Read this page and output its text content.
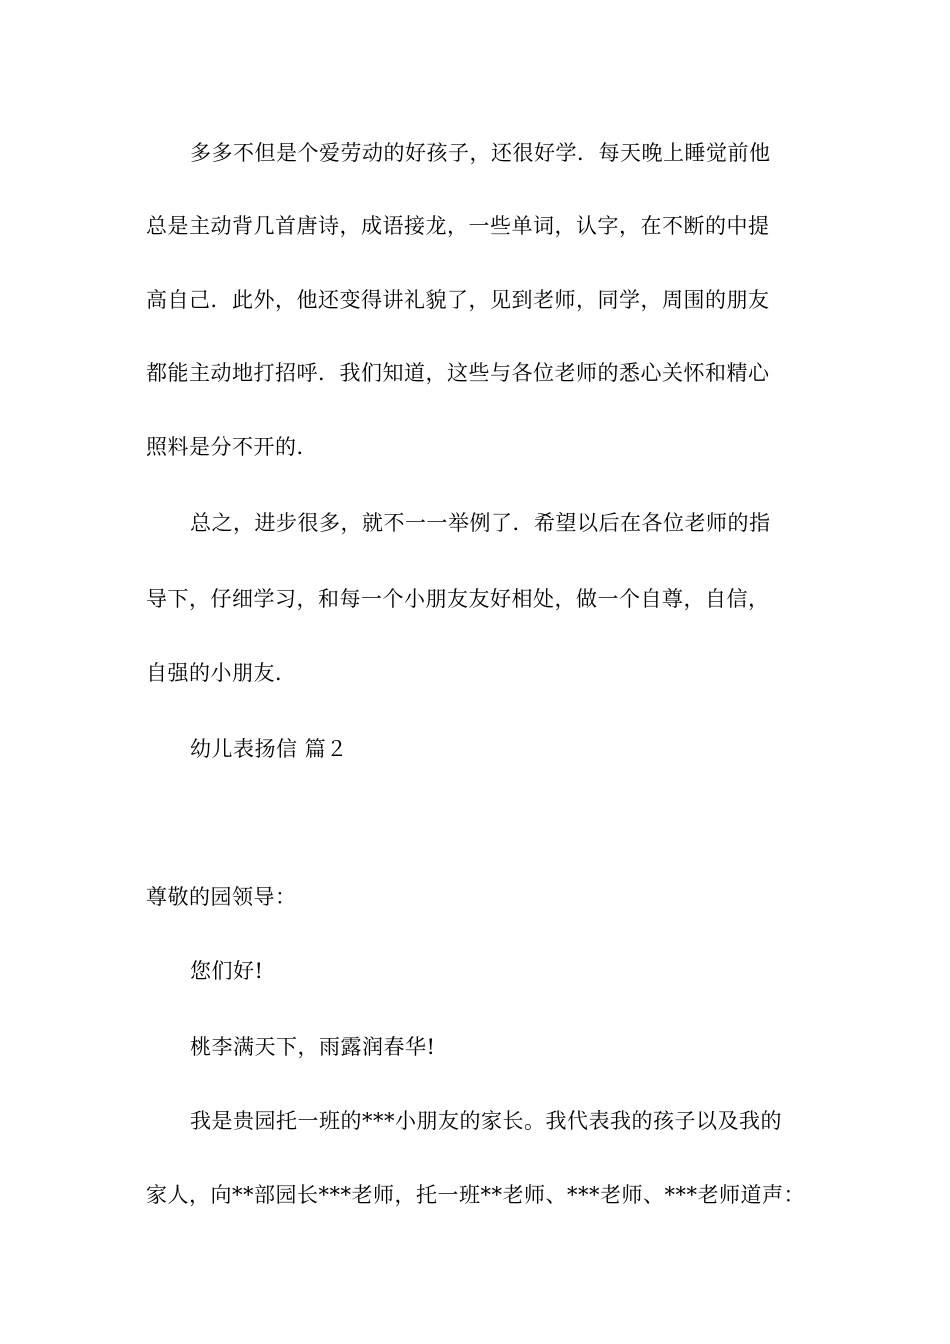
多多不但是个爱劳动的好孩子，还很好学．每天晚上睡觉前他
总是主动背几首唐诗，成语接龙，一些单词，认字，在不断的中提
高自己．此外，他还变得讲礼貌了，见到老师，同学，周围的朋友
都能主动地打招呼．我们知道，这些与各位老师的悉心关怀和精心
照料是分不开的．
总之，进步很多，就不一一举例了．希望以后在各位老师的指
导下，仔细学习，和每一个小朋友友好相处，做一个自尊，自信，
自强的小朋友．
幼儿表扬信 篇２
尊敬的园领导：
您们好!
桃李满天下，雨露润春华!
我是贵园托一班的***小朋友的家长。我代表我的孩子以及我的
家人，向**部园长***老师，托一班**老师、***老师、***老师道声：
